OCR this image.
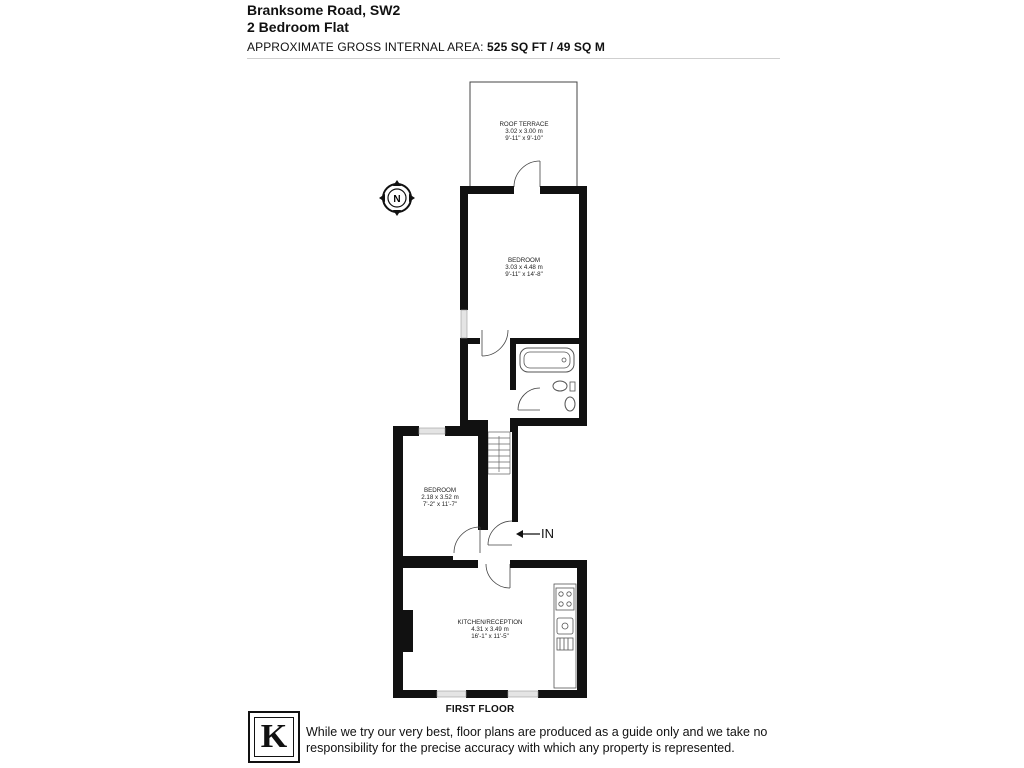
Branksome Road, SW2
2 Bedroom Flat
APPROXIMATE GROSS INTERNAL AREA: 525 SQ FT / 49 SQ M
N
ROOF TERRACE
3.02 x 3.00 m
9'-11" x 9'-10"
BEDROOM
3.03 x 4.48 m
9'-11" x 14'-8"
BEDROOM
2.18 x 3.52 m
7'-2" x 11'-7"
KITCHEN/RECEPTION
4.31 x 3.49 m
16'-1" x 11'-5"
IN
FIRST FLOOR
K	While we try our very best, floor plans are produced as a guide only and we take no responsibility for the precise accuracy with which any property is represented.
